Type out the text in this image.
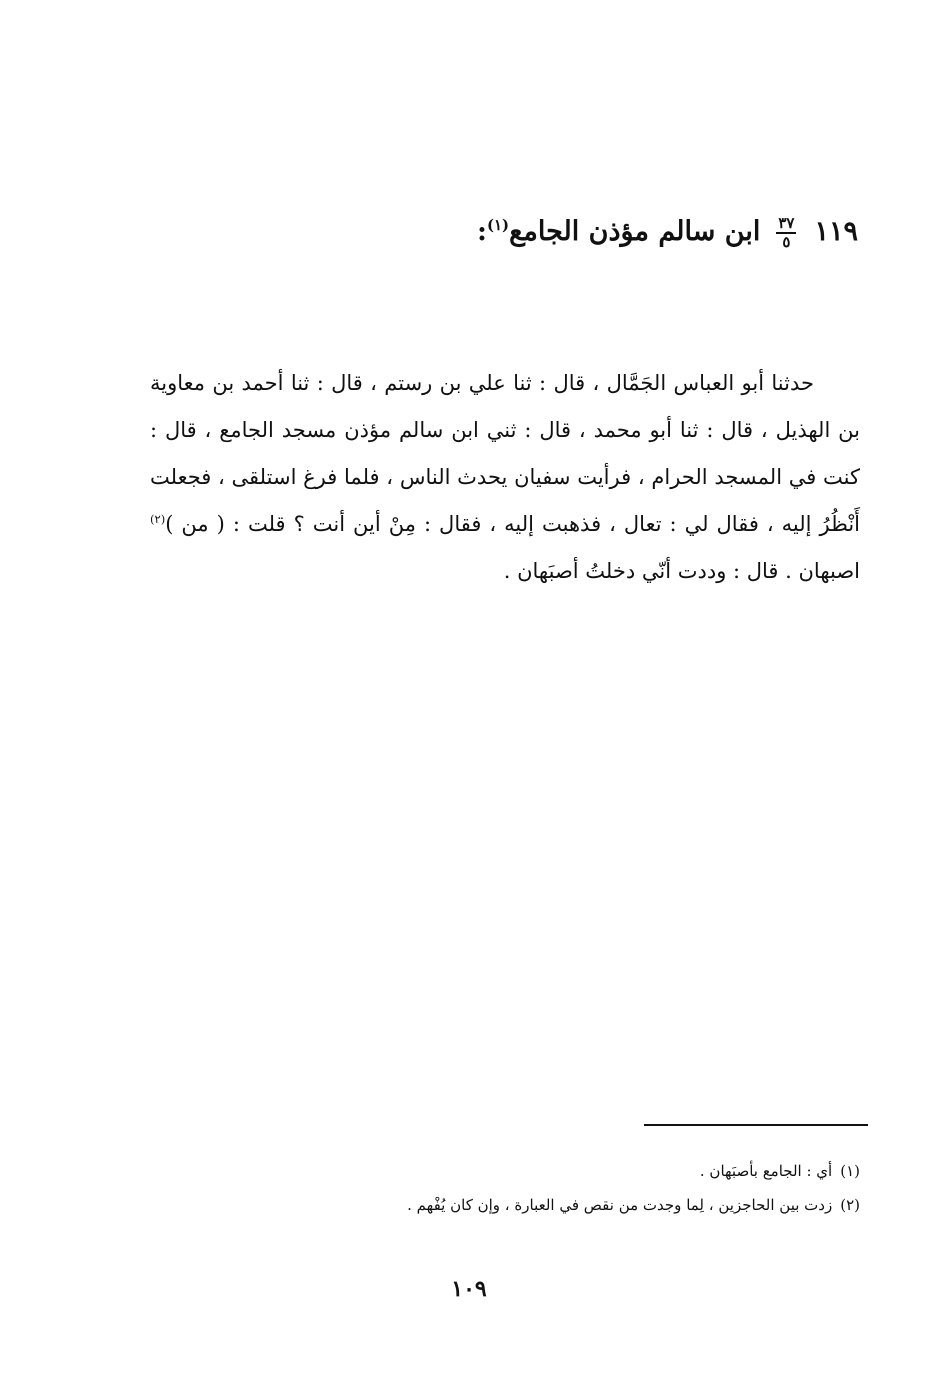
١١٩
$\frac{٣٧}{٥}$
ابن سالم مؤذن الجامع$^{(١)}$:

حدثنا أبو العباس الجَمَّال ، قال : ثنا علي بن رستم ، قال : ثنا أحمد بن معاوية بن الهذيل ، قال : ثنا أبو محمد ، قال : ثني ابن سالم مؤذن مسجد الجامع ، قال : كنت في المسجد الحرام ، فرأيت سفيان يحدث الناس ، فلما فرغ استلقى ، فجعلت أَنْظُرُ إليه ، فقال لي : تعال ، فذهبت إليه ، فقال : مِنْ أين أنت ؟ قلت : ( من )$^{(٢)}$ اصبهان . قال : وددت أنّي دخلتُ أصبَهان .

(١)أي : الجامع بأصبَهان .
(٢)زدت بين الحاجزين ، لِما وجدت من نقص في العبارة ، وإن كان يُفْهم .
١٠٩
